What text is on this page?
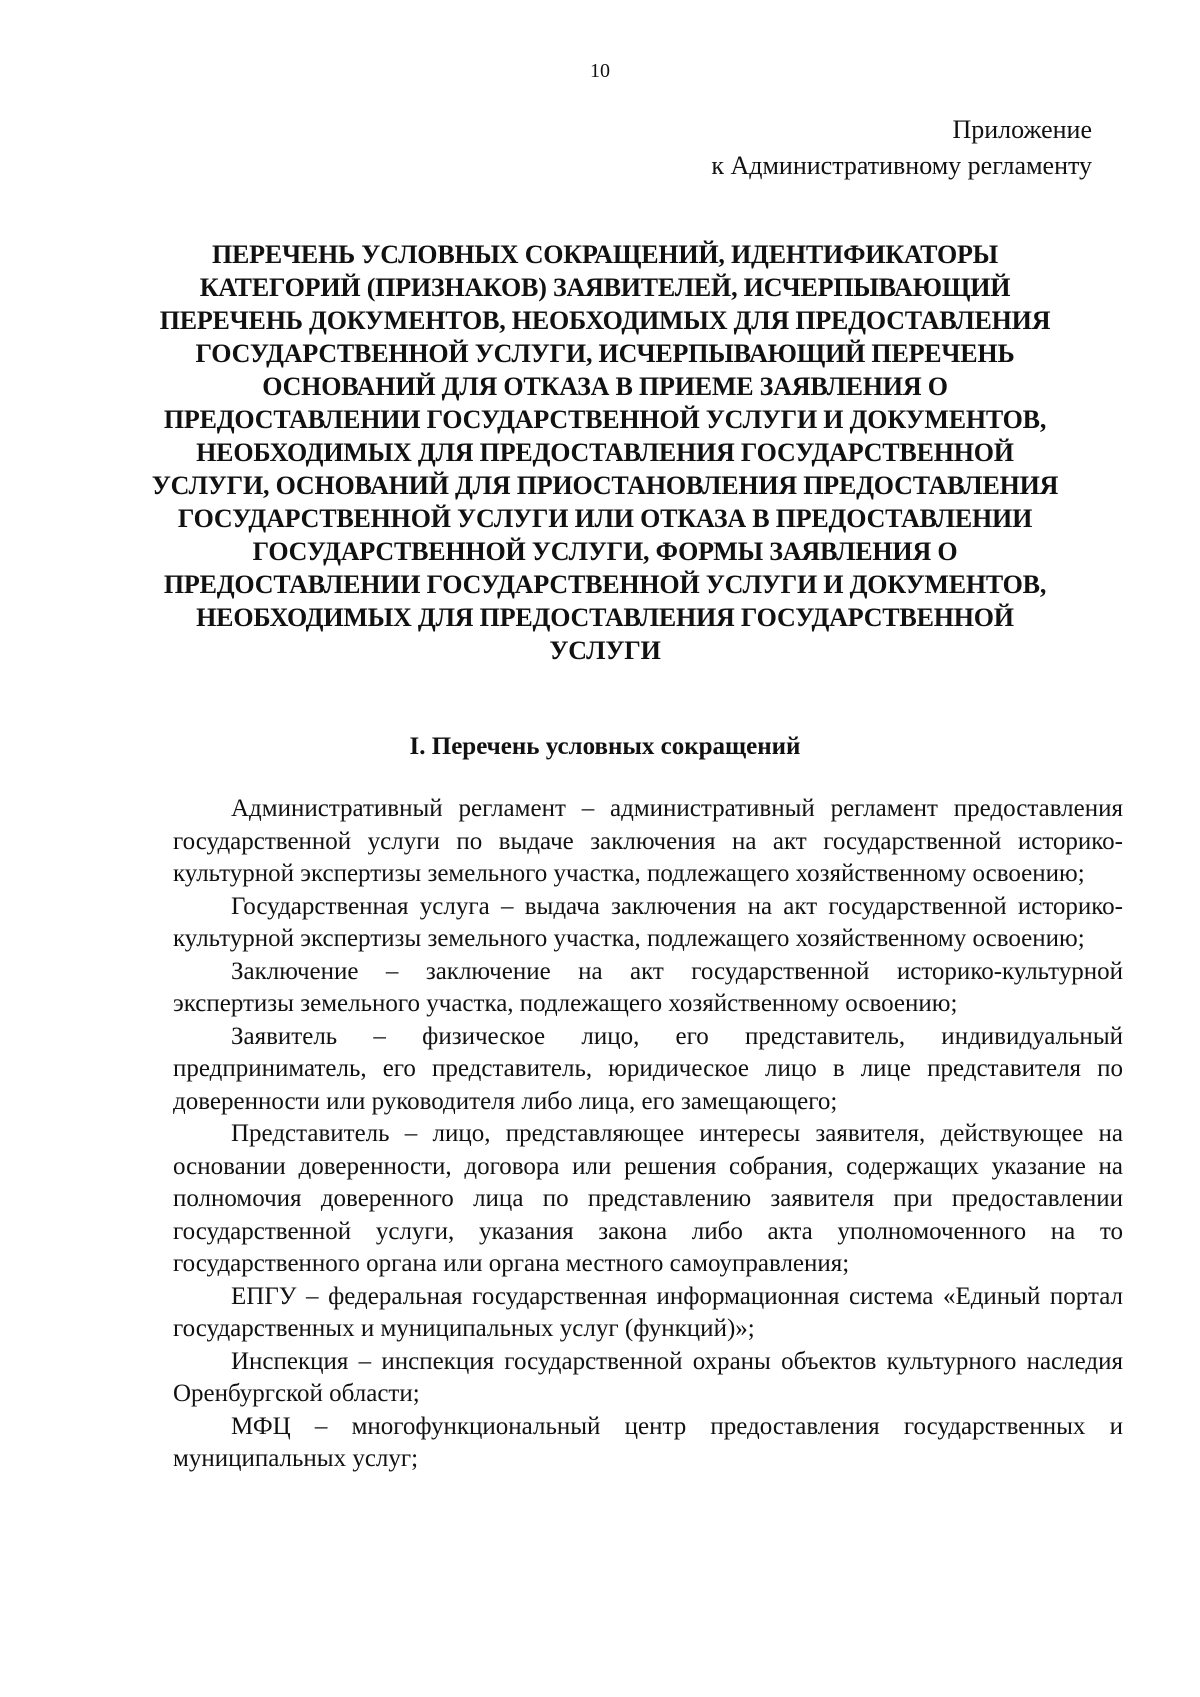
10
Приложение
к Административному регламенту
ПЕРЕЧЕНЬ УСЛОВНЫХ СОКРАЩЕНИЙ, ИДЕНТИФИКАТОРЫ
КАТЕГОРИЙ (ПРИЗНАКОВ) ЗАЯВИТЕЛЕЙ, ИСЧЕРПЫВАЮЩИЙ
ПЕРЕЧЕНЬ ДОКУМЕНТОВ, НЕОБХОДИМЫХ ДЛЯ ПРЕДОСТАВЛЕНИЯ
ГОСУДАРСТВЕННОЙ УСЛУГИ, ИСЧЕРПЫВАЮЩИЙ ПЕРЕЧЕНЬ
ОСНОВАНИЙ ДЛЯ ОТКАЗА В ПРИЕМЕ ЗАЯВЛЕНИЯ О
ПРЕДОСТАВЛЕНИИ ГОСУДАРСТВЕННОЙ УСЛУГИ И ДОКУМЕНТОВ,
НЕОБХОДИМЫХ ДЛЯ ПРЕДОСТАВЛЕНИЯ ГОСУДАРСТВЕННОЙ
УСЛУГИ, ОСНОВАНИЙ ДЛЯ ПРИОСТАНОВЛЕНИЯ ПРЕДОСТАВЛЕНИЯ
ГОСУДАРСТВЕННОЙ УСЛУГИ ИЛИ ОТКАЗА В ПРЕДОСТАВЛЕНИИ
ГОСУДАРСТВЕННОЙ УСЛУГИ, ФОРМЫ ЗАЯВЛЕНИЯ О
ПРЕДОСТАВЛЕНИИ ГОСУДАРСТВЕННОЙ УСЛУГИ И ДОКУМЕНТОВ,
НЕОБХОДИМЫХ ДЛЯ ПРЕДОСТАВЛЕНИЯ ГОСУДАРСТВЕННОЙ
УСЛУГИ
I. Перечень условных сокращений

Административный регламент – административный регламент предоставления государственной услуги по выдаче заключения на акт государственной историко-культурной экспертизы земельного участка, подлежащего хозяйственному освоению;

Государственная услуга – выдача заключения на акт государственной историко-культурной экспертизы земельного участка, подлежащего хозяйственному освоению;

Заключение – заключение на акт государственной историко-культурной экспертизы земельного участка, подлежащего хозяйственному освоению;

Заявитель – физическое лицо, его представитель, индивидуальный предприниматель, его представитель, юридическое лицо в лице представителя по доверенности или руководителя либо лица, его замещающего;

Представитель – лицо, представляющее интересы заявителя, действующее на основании доверенности, договора или решения собрания, содержащих указание на полномочия доверенного лица по представлению заявителя при предоставлении государственной услуги, указания закона либо акта уполномоченного на то государственного органа или органа местного самоуправления;

ЕПГУ – федеральная государственная информационная система «Единый портал государственных и муниципальных услуг (функций)»;

Инспекция – инспекция государственной охраны объектов культурного наследия Оренбургской области;

МФЦ – многофункциональный центр предоставления государственных и муниципальных услуг;
